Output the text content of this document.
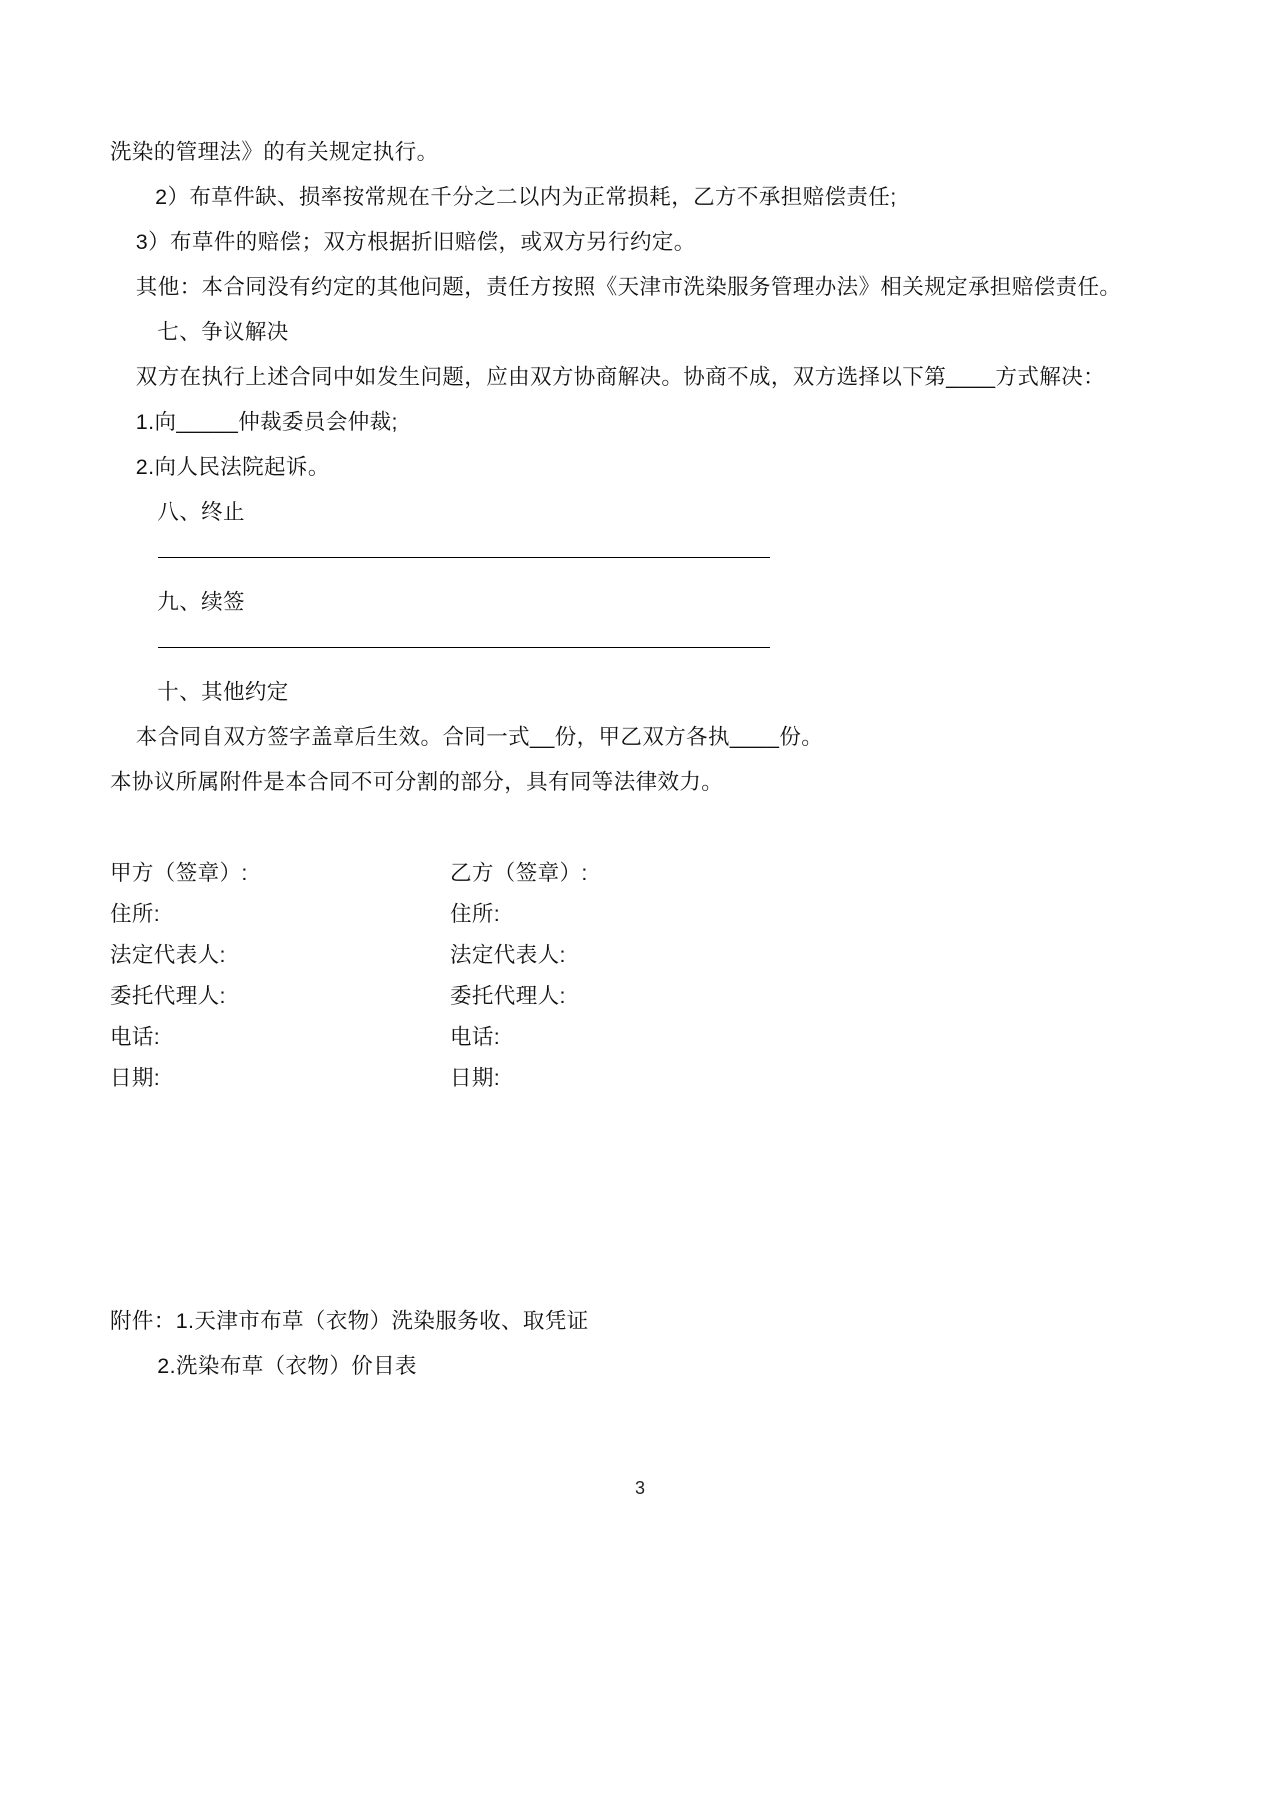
洗染的管理法》的有关规定执行。

2）布草件缺、损率按常规在千分之二以内为正常损耗，乙方不承担赔偿责任;

3）布草件的赔偿；双方根据折旧赔偿，或双方另行约定。

其他：本合同没有约定的其他问题，责任方按照《天津市洗染服务管理办法》相关规定承担赔偿责任。

七、争议解决

双方在执行上述合同中如发生问题，应由双方协商解决。协商不成，双方选择以下第____方式解决：

1.向_____仲裁委员会仲裁;

2.向人民法院起诉。

八、终止

九、续签

十、其他约定

本合同自双方签字盖章后生效。合同一式__份，甲乙双方各执____份。

本协议所属附件是本合同不可分割的部分，具有同等法律效力。

甲方（签章）:	乙方（签章）:
住所:	住所:
法定代表人:	法定代表人:
委托代理人:	委托代理人:
电话:	电话:
日期:	日期:

附件：1.天津市布草（衣物）洗染服务收、取凭证

2.洗染布草（衣物）价目表

3
